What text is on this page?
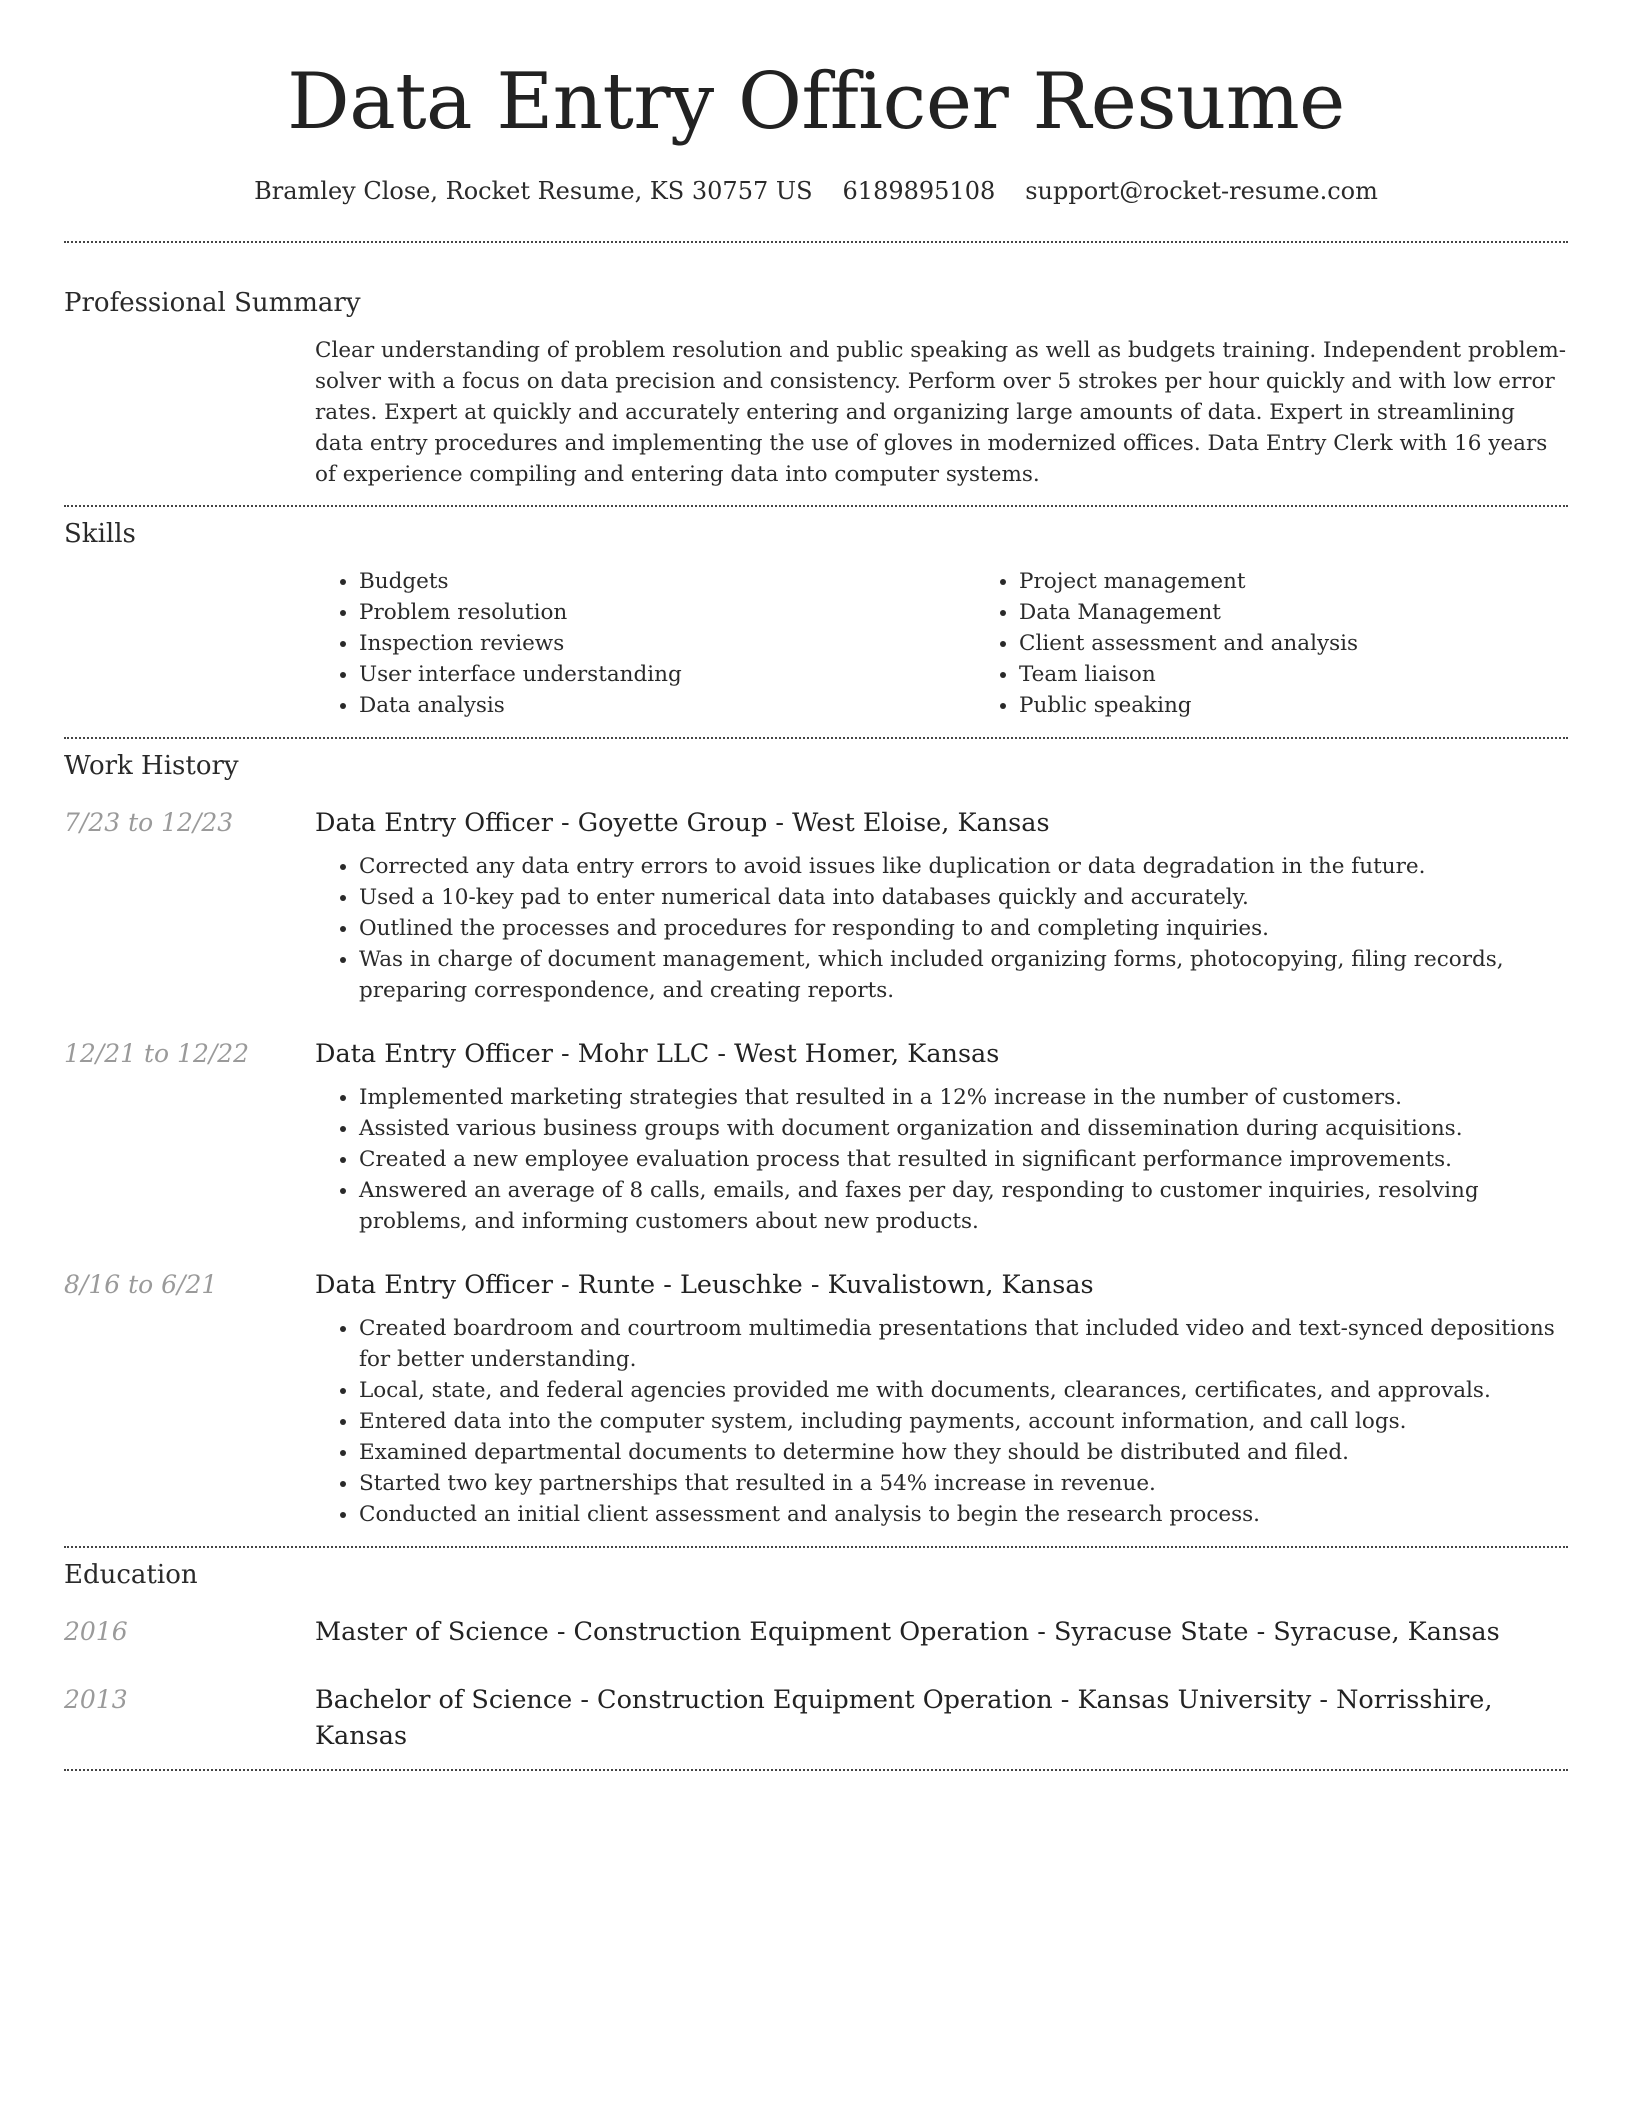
Data Entry Officer Resume
Bramley Close, Rocket Resume, KS 30757 US 6189895108 support@rocket-resume.com
Professional Summary

Clear understanding of problem resolution and public speaking as well as budgets training. Independent problem-solver with a focus on data precision and consistency. Perform over 5 strokes per hour quickly and with low error rates. Expert at quickly and accurately entering and organizing large amounts of data. Expert in streamlining data entry procedures and implementing the use of gloves in modernized offices. Data Entry Clerk with 16 years of experience compiling and entering data into computer systems.

Skills
• Budgets
• Problem resolution
• Inspection reviews
• User interface understanding
• Data analysis
• Project management
• Data Management
• Client assessment and analysis
• Team liaison
• Public speaking
Work History
7/23 to 12/23	Data Entry Officer - Goyette Group - West Eloise, Kansas
• Corrected any data entry errors to avoid issues like duplication or data degradation in the future.
• Used a 10-key pad to enter numerical data into databases quickly and accurately.
• Outlined the processes and procedures for responding to and completing inquiries.
• Was in charge of document management, which included organizing forms, photocopying, filing records, preparing correspondence, and creating reports.
12/21 to 12/22	Data Entry Officer - Mohr LLC - West Homer, Kansas
• Implemented marketing strategies that resulted in a 12% increase in the number of customers.
• Assisted various business groups with document organization and dissemination during acquisitions.
• Created a new employee evaluation process that resulted in significant performance improvements.
• Answered an average of 8 calls, emails, and faxes per day, responding to customer inquiries, resolving problems, and informing customers about new products.
8/16 to 6/21	Data Entry Officer - Runte - Leuschke - Kuvalistown, Kansas
• Created boardroom and courtroom multimedia presentations that included video and text-synced depositions for better understanding.
• Local, state, and federal agencies provided me with documents, clearances, certificates, and approvals.
• Entered data into the computer system, including payments, account information, and call logs.
• Examined departmental documents to determine how they should be distributed and filed.
• Started two key partnerships that resulted in a 54% increase in revenue.
• Conducted an initial client assessment and analysis to begin the research process.
Education
2016	Master of Science - Construction Equipment Operation - Syracuse State - Syracuse, Kansas
2013	Bachelor of Science - Construction Equipment Operation - Kansas University - Norrisshire, Kansas
